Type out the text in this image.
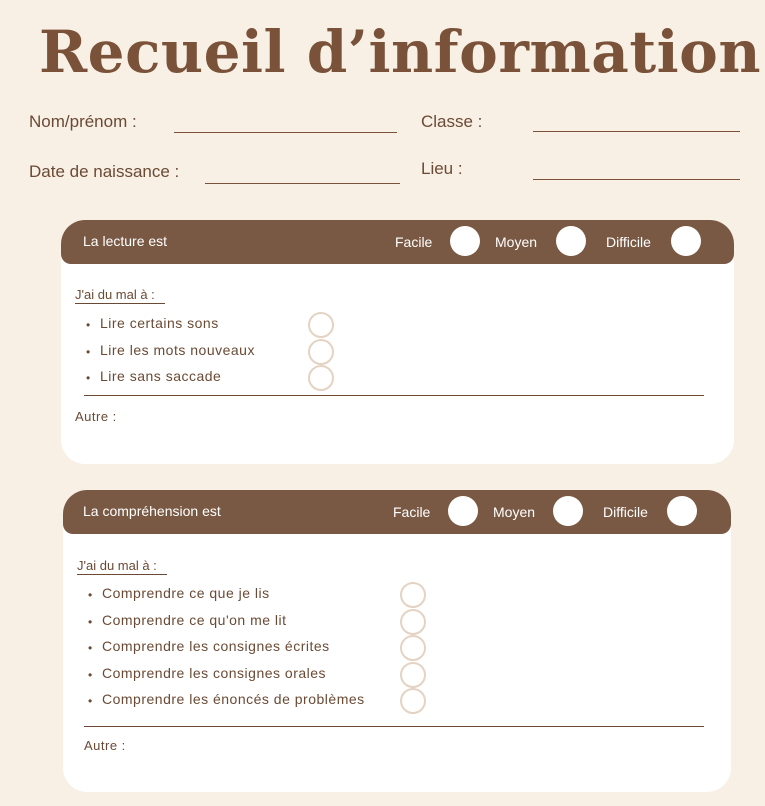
Recueil d’information
Nom/prénom :	Classe :
Date de naissance :	Lieu :
La lecture est	Facile	Moyen	Difficile
J'ai du mal à :
• Lire certains sons
• Lire les mots nouveaux
• Lire sans saccade
Autre :
La compréhension est	Facile	Moyen	Difficile
J'ai du mal à :
• Comprendre ce que je lis
• Comprendre ce qu'on me lit
• Comprendre les consignes écrites
• Comprendre les consignes orales
• Comprendre les énoncés de problèmes
Autre :
